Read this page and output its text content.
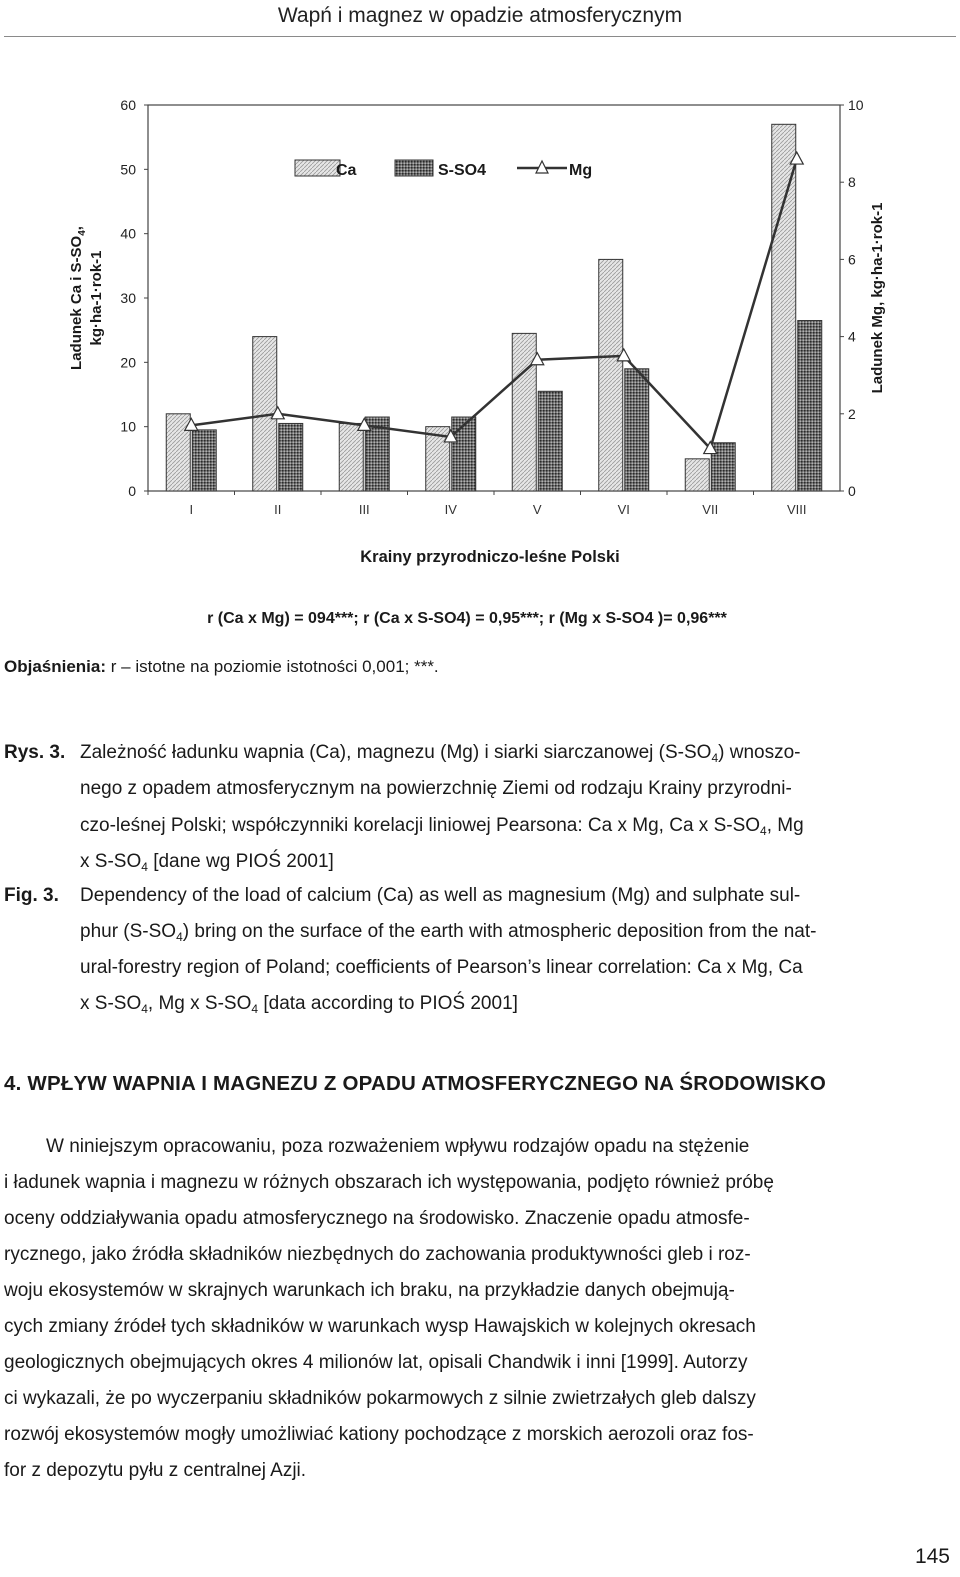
Wapń i magnez w opadzie atmosferycznym
0
10
20
30
40
50
60
0
2
4
6
8
10
I	II	III	IV	V	VI	VII	VIII
Ca	S-SO4	Mg
Krainy przyrodniczo-leśne Polski
Ladunek Ca i $S-SO_4$,
kg·ha-1·rok-1	Ladunek Mg, kg·ha-1·rok-1
r (Ca x Mg) = 094***; r (Ca x S-SO4) = 0,95***; r (Mg x S-SO4 )= 0,96***
Objaśnienia: r – istotne na poziomie istotności 0,001; ***.
Rys. 3. Zależność ładunku wapnia (Ca), magnezu (Mg) i siarki siarczanowej $(S-SO_4)$ wnoszo-
nego z opadem atmosferycznym na powierzchnię Ziemi od rodzaju Krainy przyrodni-
czo-leśnej Polski; współczynniki korelacji liniowej Pearsona: Ca x Mg, Ca x $S-SO_4$, Mg
x $S-SO_4$ [dane wg PIOŚ 2001]
Fig. 3. Dependency of the load of calcium (Ca) as well as magnesium (Mg) and sulphate sul-
phur $(S-SO_4)$ bring on the surface of the earth with atmospheric deposition from the nat-
ural-forestry region of Poland; coefficients of Pearson’s linear correlation: Ca x Mg, Ca
x $S-SO_4$, Mg x $S-SO_4$ [data according to PIOŚ 2001]
4. WPŁYW WAPNIA I MAGNEZU Z OPADU ATMOSFERYCZNEGO NA ŚRODOWISKO
W niniejszym opracowaniu, poza rozważeniem wpływu rodzajów opadu na stężenie
i ładunek wapnia i magnezu w różnych obszarach ich występowania, podjęto również próbę
oceny oddziaływania opadu atmosferycznego na środowisko. Znaczenie opadu atmosfe-
rycznego, jako źródła składników niezbędnych do zachowania produktywności gleb i roz-
woju ekosystemów w skrajnych warunkach ich braku, na przykładzie danych obejmują-
cych zmiany źródeł tych składników w warunkach wysp Hawajskich w kolejnych okresach
geologicznych obejmujących okres 4 milionów lat, opisali Chandwik i inni [1999]. Autorzy
ci wykazali, że po wyczerpaniu składników pokarmowych z silnie zwietrzałych gleb dalszy
rozwój ekosystemów mogły umożliwiać kationy pochodzące z morskich aerozoli oraz fos-
for z depozytu pyłu z centralnej Azji.
145
